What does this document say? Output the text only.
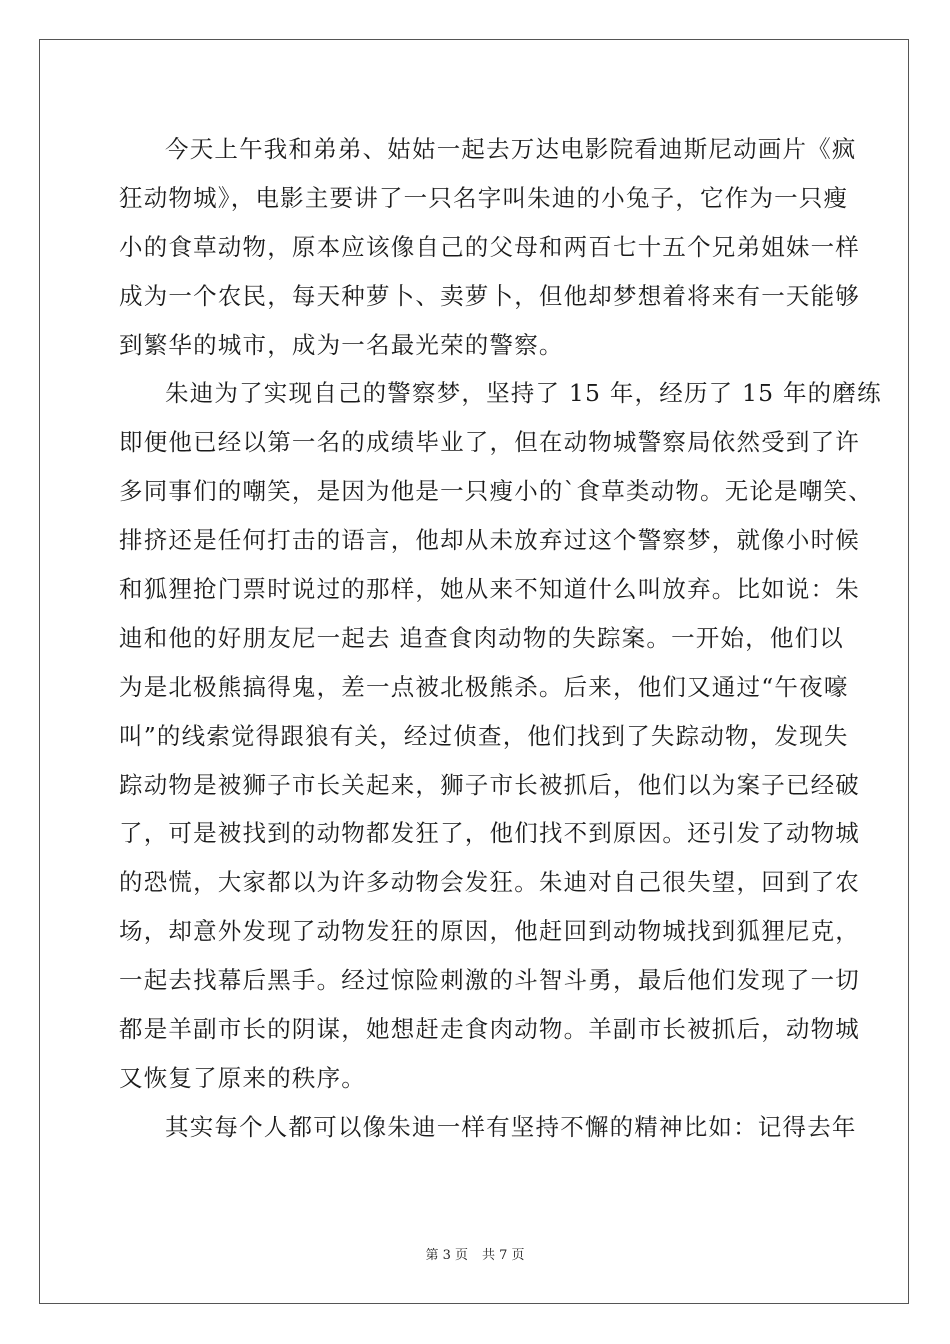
今天上午我和弟弟、姑姑一起去万达电影院看迪斯尼动画片《疯
狂动物城》，电影主要讲了一只名字叫朱迪的小兔子，它作为一只瘦
小的食草动物，原本应该像自己的父母和两百七十五个兄弟姐妹一样
成为一个农民，每天种萝卜、卖萝卜，但他却梦想着将来有一天能够
到繁华的城市，成为一名最光荣的警察。
朱迪为了实现自己的警察梦，坚持了 15 年，经历了 15 年的磨练
即便他已经以第一名的成绩毕业了，但在动物城警察局依然受到了许
多同事们的嘲笑，是因为他是一只瘦小的`食草类动物。无论是嘲笑、
排挤还是任何打击的语言，他却从未放弃过这个警察梦，就像小时候
和狐狸抢门票时说过的那样，她从来不知道什么叫放弃。比如说：朱
迪和他的好朋友尼一起去 追查食肉动物的失踪案。一开始，他们以
为是北极熊搞得鬼，差一点被北极熊杀。后来，他们又通过“午夜嚎
叫”的线索觉得跟狼有关，经过侦查，他们找到了失踪动物，发现失
踪动物是被狮子市长关起来，狮子市长被抓后，他们以为案子已经破
了，可是被找到的动物都发狂了，他们找不到原因。还引发了动物城
的恐慌，大家都以为许多动物会发狂。朱迪对自己很失望，回到了农
场，却意外发现了动物发狂的原因，他赶回到动物城找到狐狸尼克，
一起去找幕后黑手。经过惊险刺激的斗智斗勇，最后他们发现了一切
都是羊副市长的阴谋，她想赶走食肉动物。羊副市长被抓后，动物城
又恢复了原来的秩序。
其实每个人都可以像朱迪一样有坚持不懈的精神比如：记得去年
第 3 页 共 7 页
